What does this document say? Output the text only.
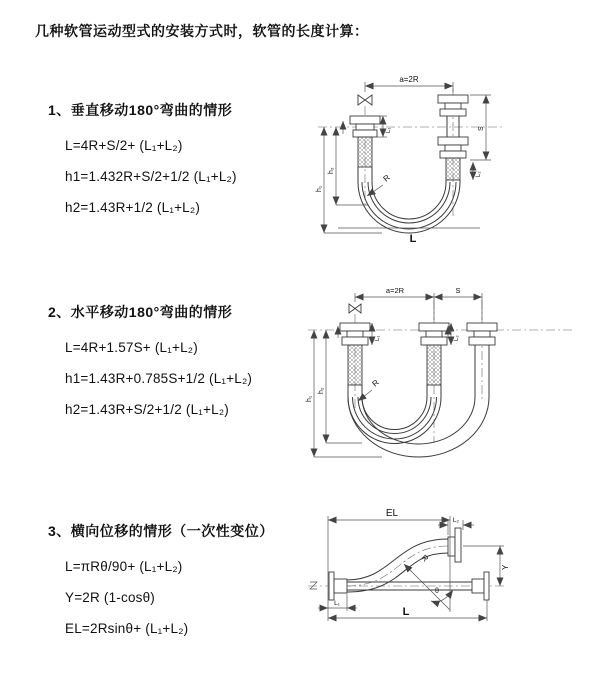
几种软管运动型式的安装方式时，软管的长度计算：
1、垂直移动180°弯曲的情形
L=4R+S/2+ (L₁+L₂)
h1=1.432R+S/2+1/2 (L₁+L₂)
h2=1.43R+1/2 (L₁+L₂)
2、水平移动180°弯曲的情形
L=4R+1.57S+ (L₁+L₂)
h1=1.43R+0.785S+1/2 (L₁+L₂)
h2=1.43R+S/2+1/2 (L₁+L₂)
3、横向位移的情形（一次性变位）
L=πRθ/90+ (L₁+L₂)
Y=2R (1-cosθ)
EL=2Rsinθ+ (L₁+L₂)
a=2R
h₁
h₂
L₁	S
L₂
R
L
a=2R	S
h₁
h₂
L₁	L₂
R
EL
L₂
Y
R
θ
L
L₁
